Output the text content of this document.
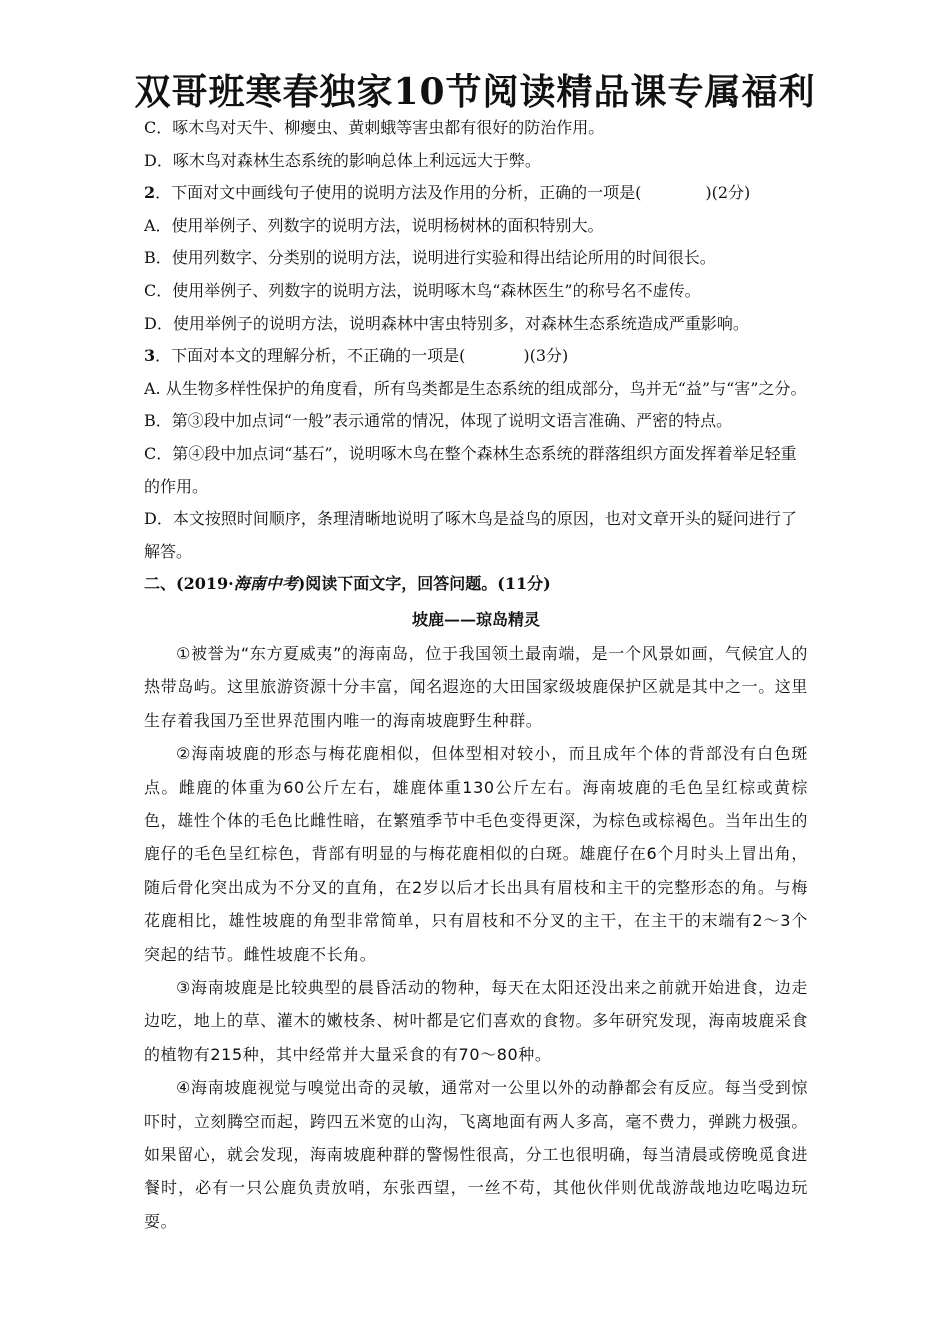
双哥班寒春独家10节阅读精品课专属福利
C．啄木鸟对天牛、柳瘿虫、黄刺蛾等害虫都有很好的防治作用。
D．啄木鸟对森林生态系统的影响总体上利远远大于弊。
2．下面对文中画线句子使用的说明方法及作用的分析，正确的一项是(	)(2分)
A．使用举例子、列数字的说明方法，说明杨树林的面积特别大。
B．使用列数字、分类别的说明方法，说明进行实验和得出结论所用的时间很长。
C．使用举例子、列数字的说明方法，说明啄木鸟“森林医生”的称号名不虚传。
D．使用举例子的说明方法，说明森林中害虫特别多，对森林生态系统造成严重影响。
3．下面对本文的理解分析，不正确的一项是(	)(3分)
A. 从生物多样性保护的角度看，所有鸟类都是生态系统的组成部分，鸟并无“益”与“害”之分。
B．第③段中加点词“一般”表示通常的情况，体现了说明文语言准确、严密的特点。
C．第④段中加点词“基石”，说明啄木鸟在整个森林生态系统的群落组织方面发挥着举足轻重的作用。
D．本文按照时间顺序，条理清晰地说明了啄木鸟是益鸟的原因，也对文章开头的疑问进行了解答。
二、(2019·海南中考)阅读下面文字，回答问题。(11分)
坡鹿——琼岛精灵
①被誉为“东方夏威夷”的海南岛，位于我国领土最南端，是一个风景如画，气候宜人的热带岛屿。这里旅游资源十分丰富，闻名遐迩的大田国家级坡鹿保护区就是其中之一。这里生存着我国乃至世界范围内唯一的海南坡鹿野生种群。
②海南坡鹿的形态与梅花鹿相似，但体型相对较小，而且成年个体的背部没有白色斑点。雌鹿的体重为60公斤左右，雄鹿体重130公斤左右。海南坡鹿的毛色呈红棕或黄棕色，雄性个体的毛色比雌性暗，在繁殖季节中毛色变得更深，为棕色或棕褐色。当年出生的鹿仔的毛色呈红棕色，背部有明显的与梅花鹿相似的白斑。雄鹿仔在6个月时头上冒出角，随后骨化突出成为不分叉的直角，在2岁以后才长出具有眉枝和主干的完整形态的角。与梅花鹿相比，雄性坡鹿的角型非常简单，只有眉枝和不分叉的主干，在主干的末端有2～3个突起的结节。雌性坡鹿不长角。
③海南坡鹿是比较典型的晨昏活动的物种，每天在太阳还没出来之前就开始进食，边走边吃，地上的草、灌木的嫩枝条、树叶都是它们喜欢的食物。多年研究发现，海南坡鹿采食的植物有215种，其中经常并大量采食的有70～80种。
④海南坡鹿视觉与嗅觉出奇的灵敏，通常对一公里以外的动静都会有反应。每当受到惊吓时，立刻腾空而起，跨四五米宽的山沟，飞离地面有两人多高，毫不费力，弹跳力极强。如果留心，就会发现，海南坡鹿种群的警惕性很高，分工也很明确，每当清晨或傍晚觅食进餐时，必有一只公鹿负责放哨，东张西望，一丝不苟，其他伙伴则优哉游哉地边吃喝边玩耍。
